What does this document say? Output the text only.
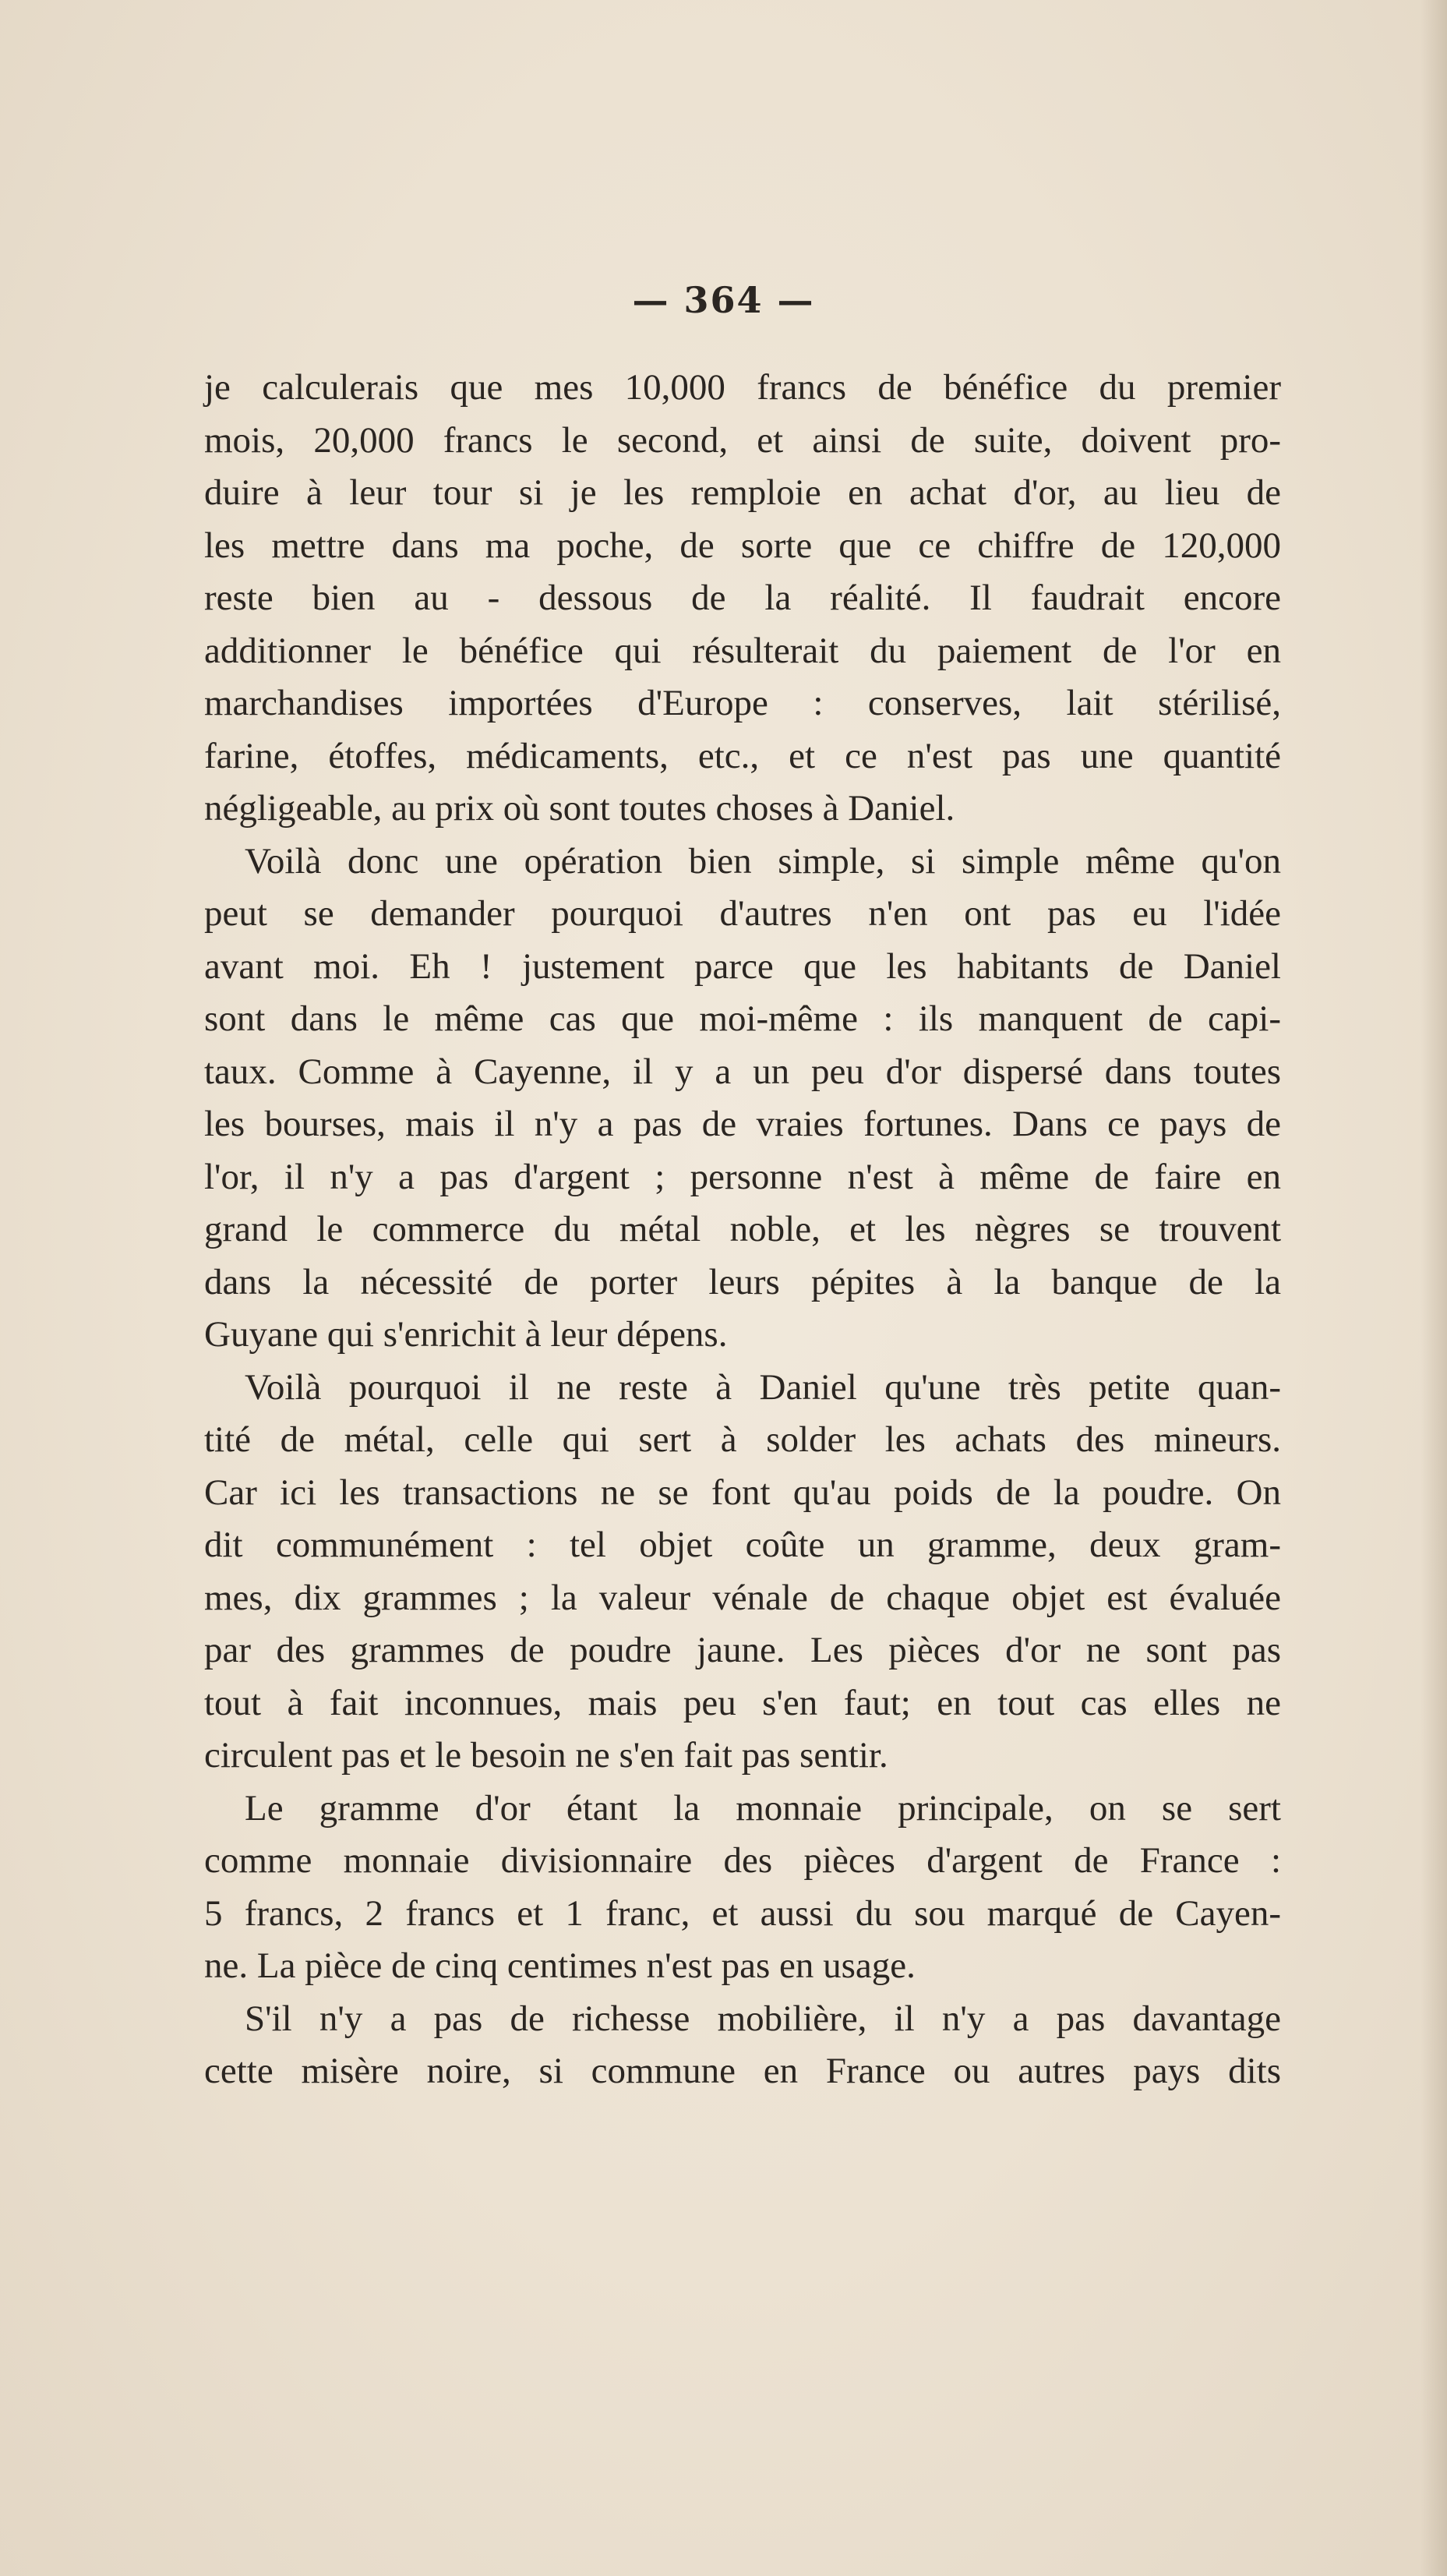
— 364 —
je calculerais que mes 10,000 francs de bénéfice du premier
mois, 20,000 francs le second, et ainsi de suite, doivent pro-
duire à leur tour si je les remploie en achat d'or, au lieu de
les mettre dans ma poche, de sorte que ce chiffre de 120,000
reste bien au - dessous de la réalité. Il faudrait encore
additionner le bénéfice qui résulterait du paiement de l'or en
marchandises importées d'Europe : conserves, lait stérilisé,
farine, étoffes, médicaments, etc., et ce n'est pas une quantité
négligeable, au prix où sont toutes choses à Daniel.
Voilà donc une opération bien simple, si simple même qu'on
peut se demander pourquoi d'autres n'en ont pas eu l'idée
avant moi. Eh ! justement parce que les habitants de Daniel
sont dans le même cas que moi-même : ils manquent de capi-
taux. Comme à Cayenne, il y a un peu d'or dispersé dans toutes
les bourses, mais il n'y a pas de vraies fortunes. Dans ce pays de
l'or, il n'y a pas d'argent ; personne n'est à même de faire en
grand le commerce du métal noble, et les nègres se trouvent
dans la nécessité de porter leurs pépites à la banque de la
Guyane qui s'enrichit à leur dépens.
Voilà pourquoi il ne reste à Daniel qu'une très petite quan-
tité de métal, celle qui sert à solder les achats des mineurs.
Car ici les transactions ne se font qu'au poids de la poudre. On
dit communément : tel objet coûte un gramme, deux gram-
mes, dix grammes ; la valeur vénale de chaque objet est évaluée
par des grammes de poudre jaune. Les pièces d'or ne sont pas
tout à fait inconnues, mais peu s'en faut; en tout cas elles ne
circulent pas et le besoin ne s'en fait pas sentir.
Le gramme d'or étant la monnaie principale, on se sert
comme monnaie divisionnaire des pièces d'argent de France :
5 francs, 2 francs et 1 franc, et aussi du sou marqué de Cayen-
ne. La pièce de cinq centimes n'est pas en usage.
S'il n'y a pas de richesse mobilière, il n'y a pas davantage
cette misère noire, si commune en France ou autres pays dits
